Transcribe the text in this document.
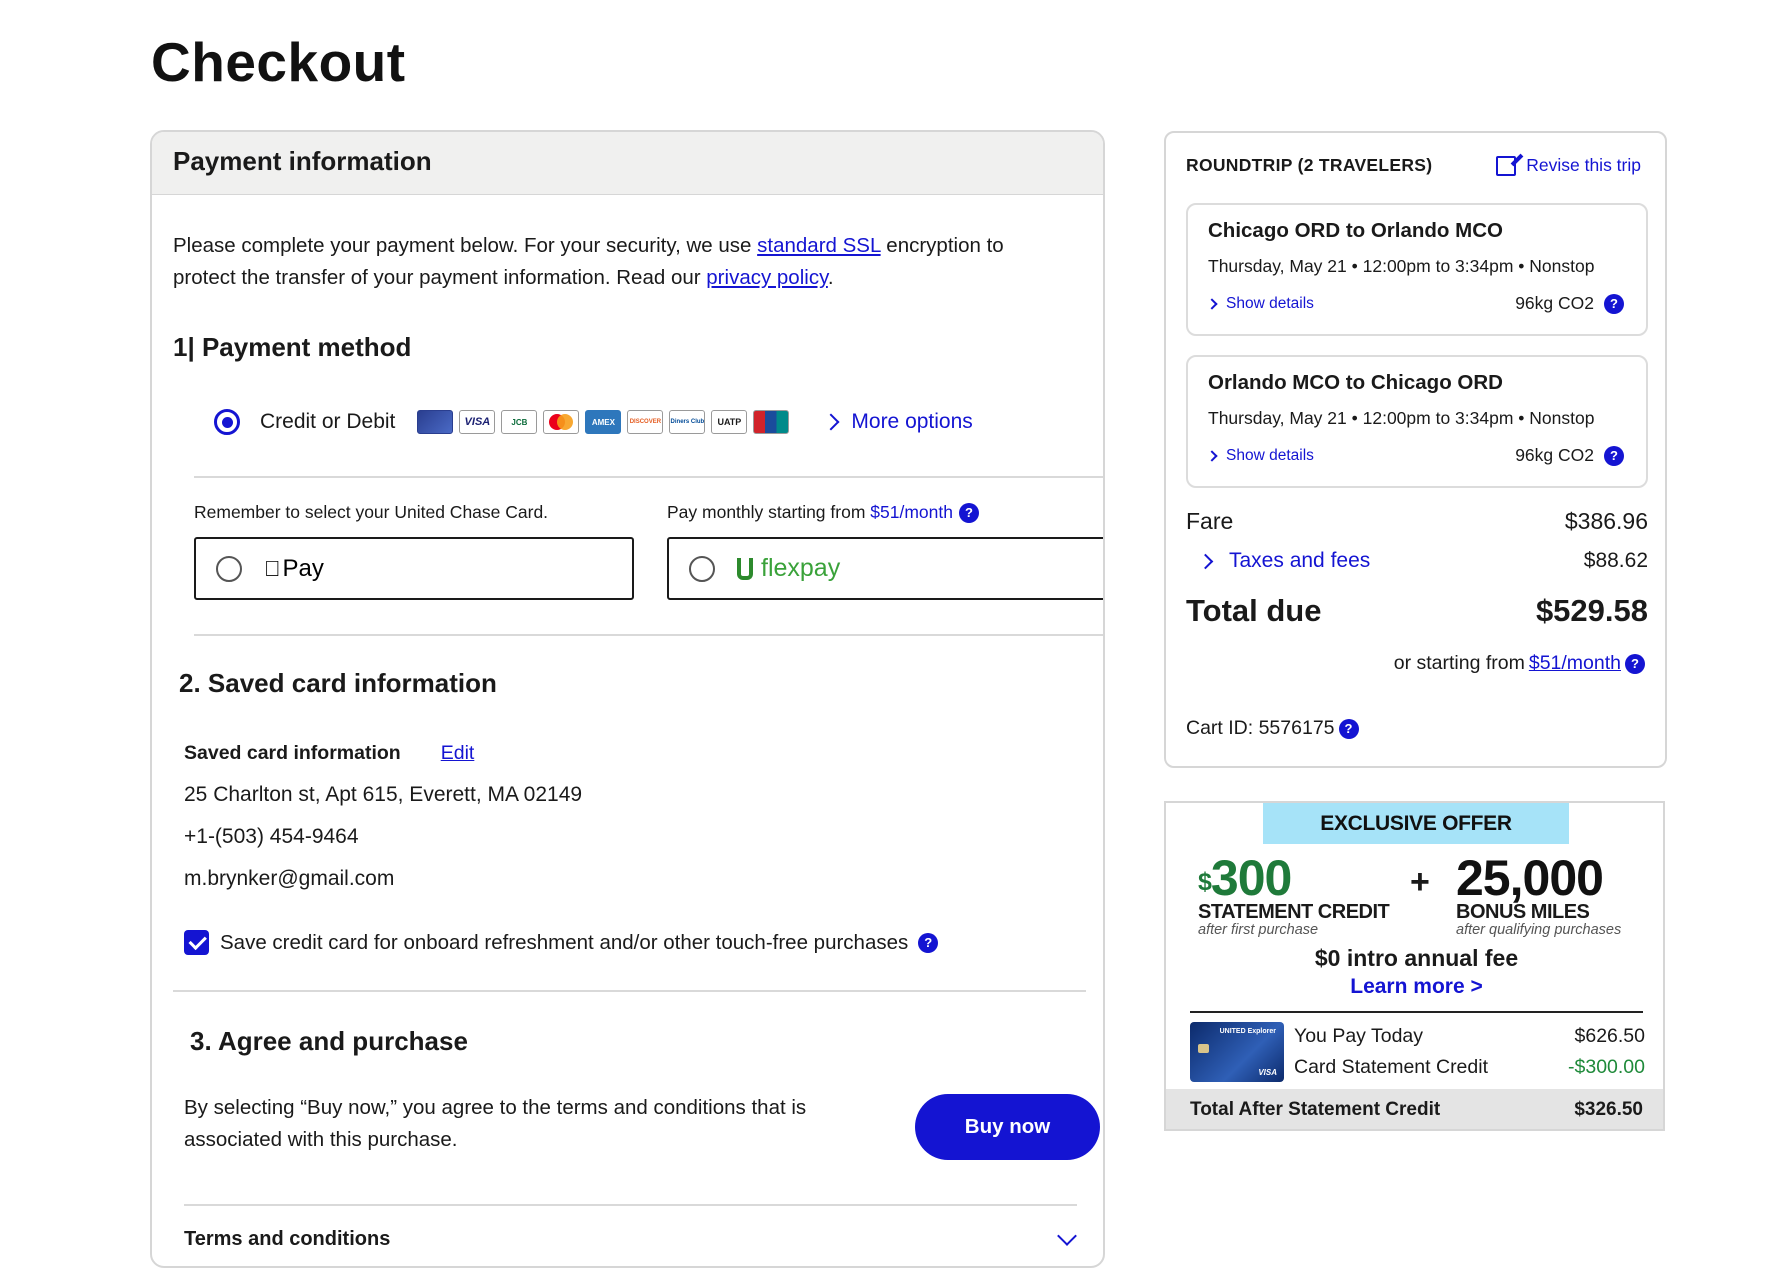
Checkout
Payment information

Please complete your payment below. For your security, we use standard SSL encryption to protect the transfer of your payment information. Read our privacy policy.

1| Payment method
Credit or Debit	VISA	JCB	AMEX	DISCOVER	Diners Club	UATP	More options
Remember to select your United Chase Card.	Pay monthly starting from
$51/month ?
Pay	flexpay
2. Saved card information
Saved card information Edit
25 Charlton st, Apt 615, Everett, MA 02149
+1-(503) 454-9464
m.brynker@gmail.com
Save credit card for onboard refreshment and/or other touch-free purchases	?
3. Agree and purchase
By selecting “Buy now,” you agree to the terms and conditions that is associated with this purchase.
Buy now
Terms and conditions
ROUNDTRIP (2 TRAVELERS)	Revise this trip
Chicago ORD to Orlando MCO
Thursday, May 21 • 12:00pm to 3:34pm • Nonstop
Show details	96kg CO2	?
Orlando MCO to Chicago ORD
Thursday, May 21 • 12:00pm to 3:34pm • Nonstop
Show details	96kg CO2	?
Fare	$386.96
Taxes and fees	$88.62
Total due	$529.58
or starting from $51/month ?
Cart ID: 5576175 ?
EXCLUSIVE OFFER
$300
STATEMENT CREDIT
after first purchase
+ 25,000
BONUS MILES
after qualifying purchases
$0 intro annual fee
Learn more >
UNITED Explorer
VISA
You Pay Today	$626.50
Card Statement Credit	-$300.00
Total After Statement Credit	$326.50
